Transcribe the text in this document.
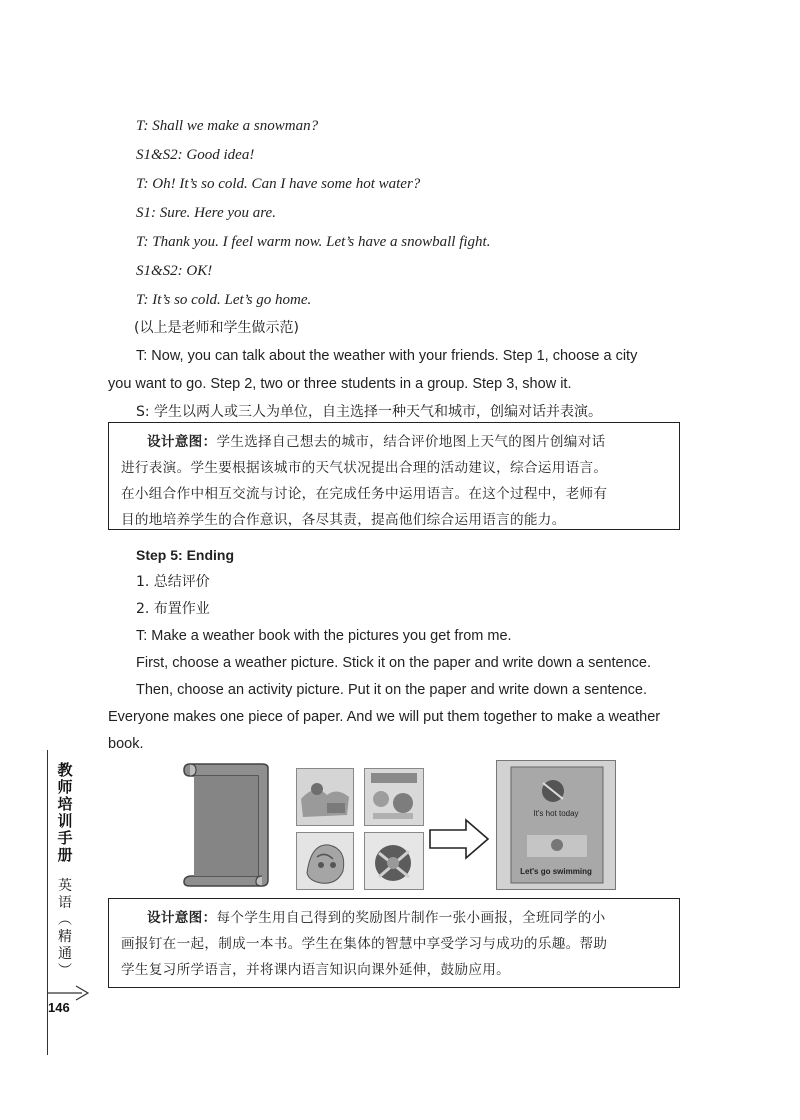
T: Shall we make a snowman?
S1&S2: Good idea!
T: Oh! It’s so cold. Can I have some hot water?
S1: Sure. Here you are.
T: Thank you. I feel warm now. Let’s have a snowball fight.
S1&S2: OK!
T: It’s so cold. Let’s go home.
(以上是老师和学生做示范)
T: Now, you can talk about the weather with your friends. Step 1, choose a city
you want to go. Step 2, two or three students in a group. Step 3, show it.
S: 学生以两人或三人为单位，自主选择一种天气和城市，创编对话并表演。

设计意图：学生选择自己想去的城市，结合评价地图上天气的图片创编对话

进行表演。学生要根据该城市的天气状况提出合理的活动建议，综合运用语言。

在小组合作中相互交流与讨论，在完成任务中运用语言。在这个过程中，老师有

目的地培养学生的合作意识，各尽其责，提高他们综合运用语言的能力。

Step 5: Ending
1. 总结评价
2. 布置作业
T: Make a weather book with the pictures you get from me.
First, choose a weather picture. Stick it on the paper and write down a sentence.
Then, choose an activity picture. Put it on the paper and write down a sentence.
Everyone makes one piece of paper. And we will put them together to make a weather
book.
It's hot today
Let's go swimming

设计意图：每个学生用自己得到的奖励图片制作一张小画报，全班同学的小

画报钉在一起，制成一本书。学生在集体的智慧中享受学习与成功的乐趣。帮助

学生复习所学语言，并将课内语言知识向课外延伸，鼓励应用。

教
师
培
训
手
册
英
语
︵
精
通
︶
146
